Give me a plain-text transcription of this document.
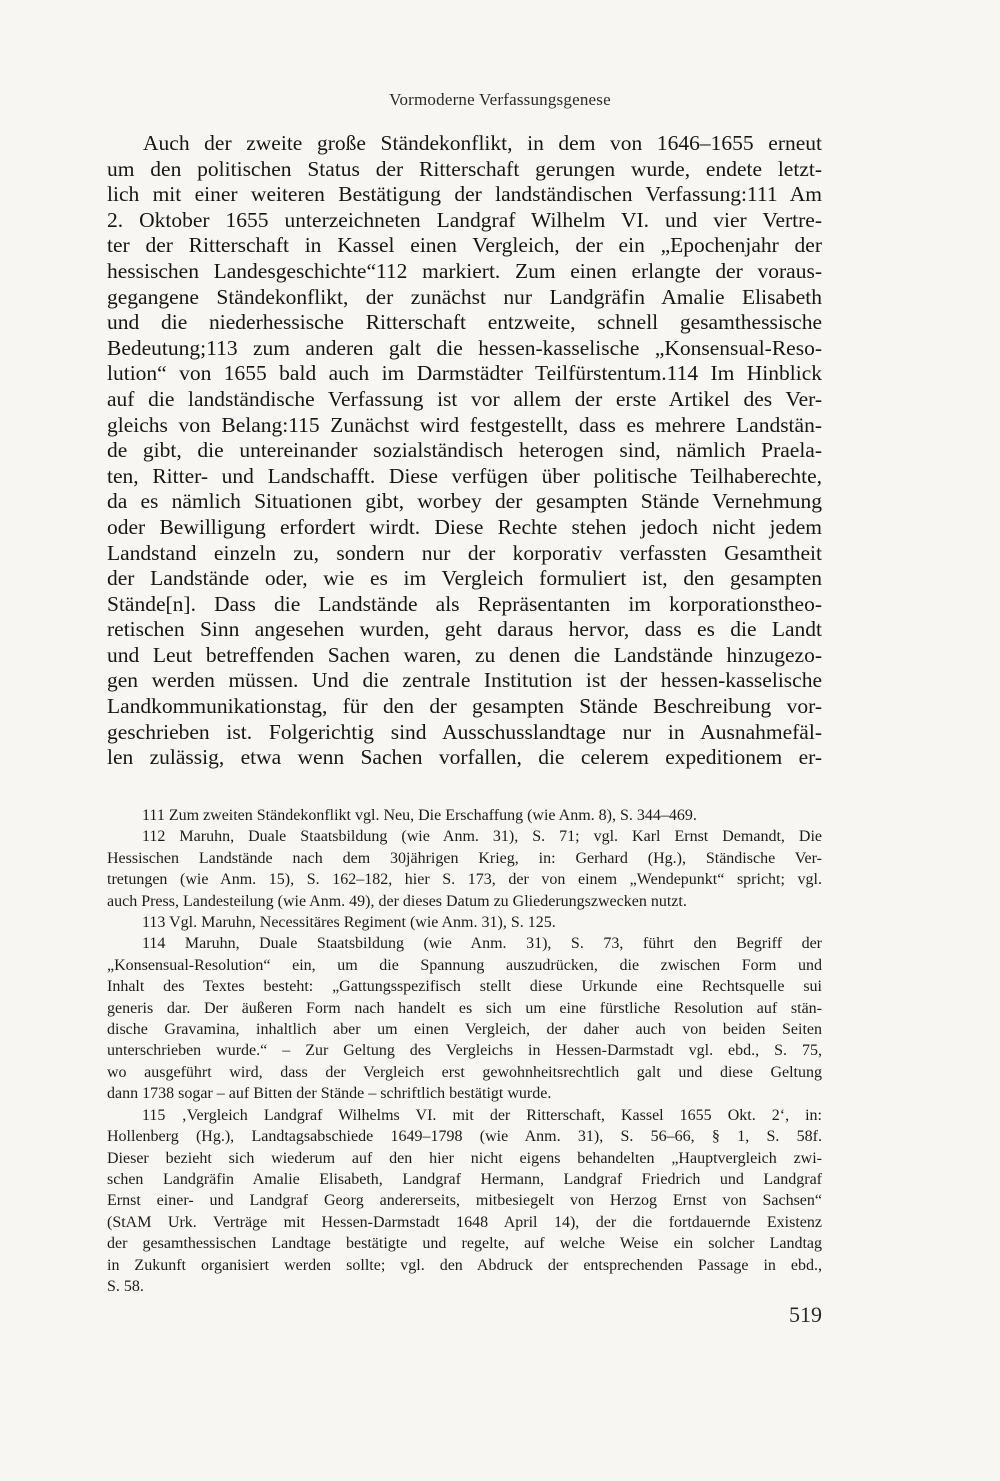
Vormoderne Verfassungsgenese
Auch der zweite große Ständekonflikt, in dem von 1646–1655 erneut
um den politischen Status der Ritterschaft gerungen wurde, endete letzt-
lich mit einer weiteren Bestätigung der landständischen Verfassung:111 Am
2. Oktober 1655 unterzeichneten Landgraf Wilhelm VI. und vier Vertre-
ter der Ritterschaft in Kassel einen Vergleich, der ein „Epochenjahr der
hessischen Landesgeschichte“112 markiert. Zum einen erlangte der voraus-
gegangene Ständekonflikt, der zunächst nur Landgräfin Amalie Elisabeth
und die niederhessische Ritterschaft entzweite, schnell gesamthessische
Bedeutung;113 zum anderen galt die hessen-kasselische „Konsensual-Reso-
lution“ von 1655 bald auch im Darmstädter Teilfürstentum.114 Im Hinblick
auf die landständische Verfassung ist vor allem der erste Artikel des Ver-
gleichs von Belang:115 Zunächst wird festgestellt, dass es mehrere Landstän-
de gibt, die untereinander sozialständisch heterogen sind, nämlich Praela-
ten, Ritter- und Landschafft. Diese verfügen über politische Teilhaberechte,
da es nämlich Situationen gibt, worbey der gesampten Stände Vernehmung
oder Bewilligung erfordert wirdt. Diese Rechte stehen jedoch nicht jedem
Landstand einzeln zu, sondern nur der korporativ verfassten Gesamtheit
der Landstände oder, wie es im Vergleich formuliert ist, den gesampten
Stände[n]. Dass die Landstände als Repräsentanten im korporationstheo-
retischen Sinn angesehen wurden, geht daraus hervor, dass es die Landt
und Leut betreffenden Sachen waren, zu denen die Landstände hinzugezo-
gen werden müssen. Und die zentrale Institution ist der hessen-kasselische
Landkommunikationstag, für den der gesampten Stände Beschreibung vor-
geschrieben ist. Folgerichtig sind Ausschusslandtage nur in Ausnahmefäl-
len zulässig, etwa wenn Sachen vorfallen, die celerem expeditionem er-
111 Zum zweiten Ständekonflikt vgl. Neu, Die Erschaffung (wie Anm. 8), S. 344–469.
112 Maruhn, Duale Staatsbildung (wie Anm. 31), S. 71; vgl. Karl Ernst Demandt, Die
Hessischen Landstände nach dem 30jährigen Krieg, in: Gerhard (Hg.), Ständische Ver-
tretungen (wie Anm. 15), S. 162–182, hier S. 173, der von einem „Wendepunkt“ spricht; vgl.
auch Press, Landesteilung (wie Anm. 49), der dieses Datum zu Gliederungszwecken nutzt.
113 Vgl. Maruhn, Necessitäres Regiment (wie Anm. 31), S. 125.
114 Maruhn, Duale Staatsbildung (wie Anm. 31), S. 73, führt den Begriff der
„Konsensual-Resolution“ ein, um die Spannung auszudrücken, die zwischen Form und
Inhalt des Textes besteht: „Gattungsspezifisch stellt diese Urkunde eine Rechtsquelle sui
generis dar. Der äußeren Form nach handelt es sich um eine fürstliche Resolution auf stän-
dische Gravamina, inhaltlich aber um einen Vergleich, der daher auch von beiden Seiten
unterschrieben wurde.“ – Zur Geltung des Vergleichs in Hessen-Darmstadt vgl. ebd., S. 75,
wo ausgeführt wird, dass der Vergleich erst gewohnheitsrechtlich galt und diese Geltung
dann 1738 sogar – auf Bitten der Stände – schriftlich bestätigt wurde.
115 ‚Vergleich Landgraf Wilhelms VI. mit der Ritterschaft, Kassel 1655 Okt. 2‘, in:
Hollenberg (Hg.), Landtagsabschiede 1649–1798 (wie Anm. 31), S. 56–66, § 1, S. 58f.
Dieser bezieht sich wiederum auf den hier nicht eigens behandelten „Hauptvergleich zwi-
schen Landgräfin Amalie Elisabeth, Landgraf Hermann, Landgraf Friedrich und Landgraf
Ernst einer- und Landgraf Georg andererseits, mitbesiegelt von Herzog Ernst von Sachsen“
(StAM Urk. Verträge mit Hessen-Darmstadt 1648 April 14), der die fortdauernde Existenz
der gesamthessischen Landtage bestätigte und regelte, auf welche Weise ein solcher Landtag
in Zukunft organisiert werden sollte; vgl. den Abdruck der entsprechenden Passage in ebd.,
S. 58.
519
